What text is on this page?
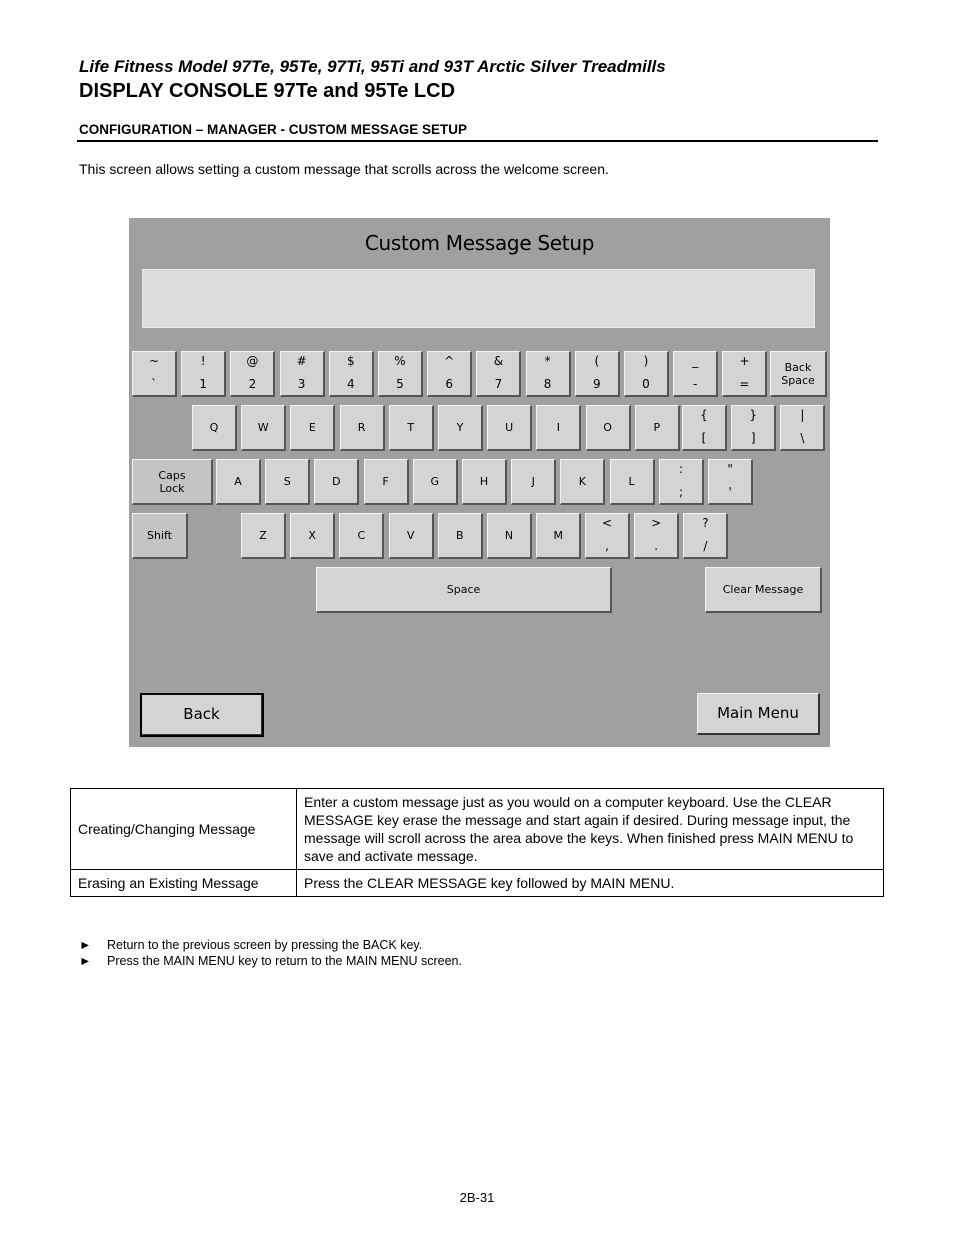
Life Fitness Model 97Te, 95Te, 97Ti, 95Ti and 93T Arctic Silver Treadmills
DISPLAY CONSOLE 97Te and 95Te LCD
CONFIGURATION – MANAGER - CUSTOM MESSAGE SETUP
This screen allows setting a custom message that scrolls across the welcome screen.
Custom Message Setup
~
`
!
1
@
2
#
3
$
4
%
5
^
6
&
7
*
8
(
9
)
0
_
-
+
=
Back
Space
Q	W	E	R	T	Y	U	I	O	P
{
[
}
]
|
\
Caps
Lock	A	S	D	F	G	H	J	K	L
:
;
"
'
Shift	Z	X	C	V	B	N	M
<
,
>
.
?
/
Space	Clear Message
Back	Main Menu
Creating/Changing Message	Enter a custom message just as you would on a computer keyboard. Use the CLEAR MESSAGE key erase the message and start again if desired. During message input, the message will scroll across the area above the keys. When finished press MAIN MENU to save and activate message.
Erasing an Existing Message	Press the CLEAR MESSAGE key followed by MAIN MENU.
►	Return to the previous screen by pressing the BACK key.
►	Press the MAIN MENU key to return to the MAIN MENU screen.
2B-31
